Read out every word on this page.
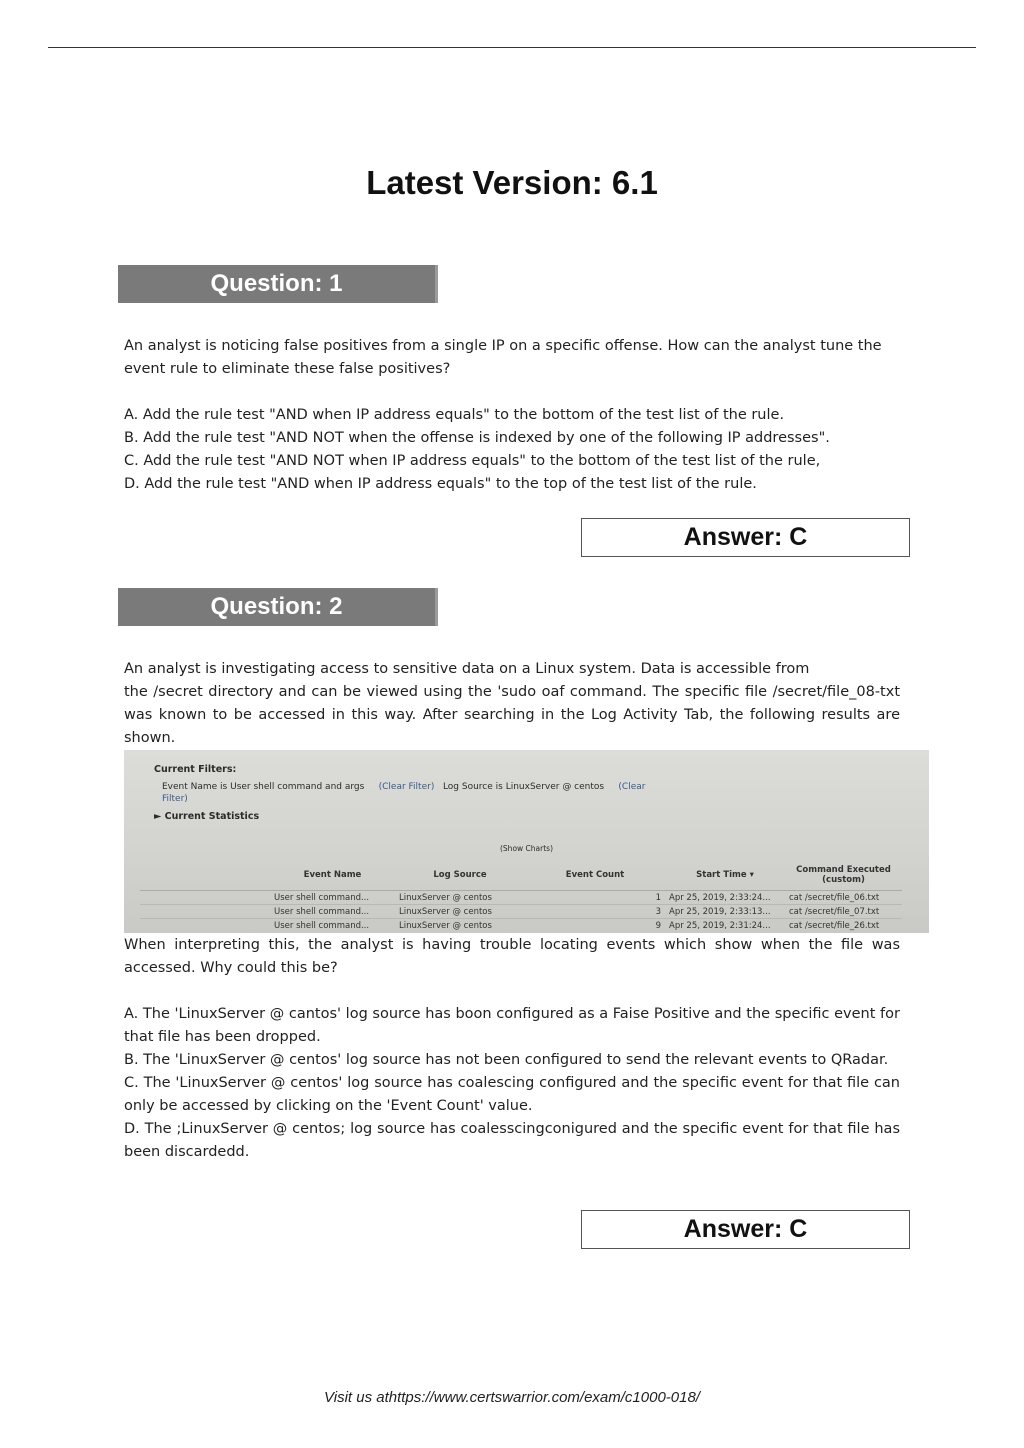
Latest Version: 6.1
Question: 1

An analyst is noticing false positives from a single IP on a specific offense. How can the analyst tune the event rule to eliminate these false positives?

A. Add the rule test "AND when IP address equals" to the bottom of the test list of the rule.
B. Add the rule test "AND NOT when the offense is indexed by one of the following IP addresses".
C. Add the rule test "AND NOT when IP address equals" to the bottom of the test list of the rule,
D. Add the rule test "AND when IP address equals" to the top of the test list of the rule.
Answer: C
Question: 2

An analyst is investigating access to sensitive data on a Linux system. Data is accessible from

the /secret directory and can be viewed using the 'sudo oaf command. The specific file /secret/file_08-txt was known to be accessed in this way. After searching in the Log Activity Tab, the following results are shown.

Current Filters:
Event Name is User shell command and args (Clear Filter) Log Source is LinuxServer @ centos (Clear
Filter)
► Current Statistics
(Show Charts)
	Event Name	Log Source	Event Count	Start Time ▾	Command Executed (custom)
	User shell command...	LinuxServer @ centos	1	Apr 25, 2019, 2:33:24...	cat /secret/file_06.txt
	User shell command...	LinuxServer @ centos	3	Apr 25, 2019, 2:33:13...	cat /secret/file_07.txt
	User shell command...	LinuxServer @ centos	9	Apr 25, 2019, 2:31:24...	cat /secret/file_26.txt

When interpreting this, the analyst is having trouble locating events which show when the file was accessed. Why could this be?

A. The 'LinuxServer @ cantos' log source has boon configured as a Faise Positive and the specific event for that file has been dropped.
B. The 'LinuxServer @ centos' log source has not been configured to send the relevant events to QRadar.
C. The 'LinuxServer @ centos' log source has coalescing configured and the specific event for that file can only be accessed by clicking on the 'Event Count' value.
D. The ;LinuxServer @ centos; log source has coalesscingconigured and the specific event for that file has been discardedd.
Answer: C
Visit us athttps://www.certswarrior.com/exam/c1000-018/
